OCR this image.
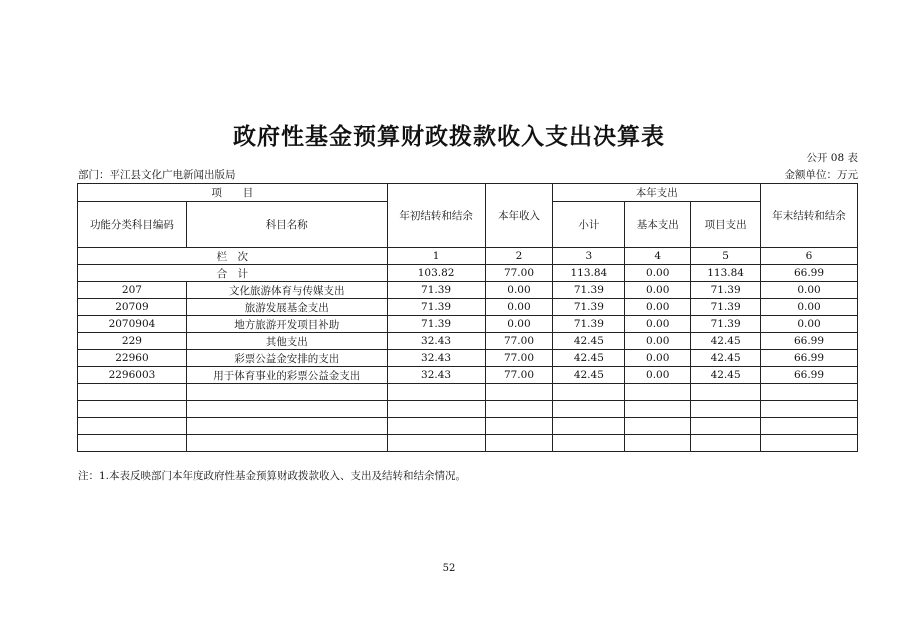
政府性基金预算财政拨款收入支出决算表
公开 08 表
部门：平江县文化广电新闻出版局	金额单位：万元
项　　目		年初结转和结余	本年收入	本年支出			年末结转和结余
功能分类科目编码	科目名称			小计	基本支出	项目支出	
栏　次		1	2	3	4	5	6
合　计		103.82	77.00	113.84	0.00	113.84	66.99
207	文化旅游体育与传媒支出	71.39	0.00	71.39	0.00	71.39	0.00
20709	旅游发展基金支出	71.39	0.00	71.39	0.00	71.39	0.00
2070904	地方旅游开发项目补助	71.39	0.00	71.39	0.00	71.39	0.00
229	其他支出	32.43	77.00	42.45	0.00	42.45	66.99
22960	彩票公益金安排的支出	32.43	77.00	42.45	0.00	42.45	66.99
2296003	用于体育事业的彩票公益金支出	32.43	77.00	42.45	0.00	42.45	66.99

注：1.本表反映部门本年度政府性基金预算财政拨款收入、支出及结转和结余情况。
52
